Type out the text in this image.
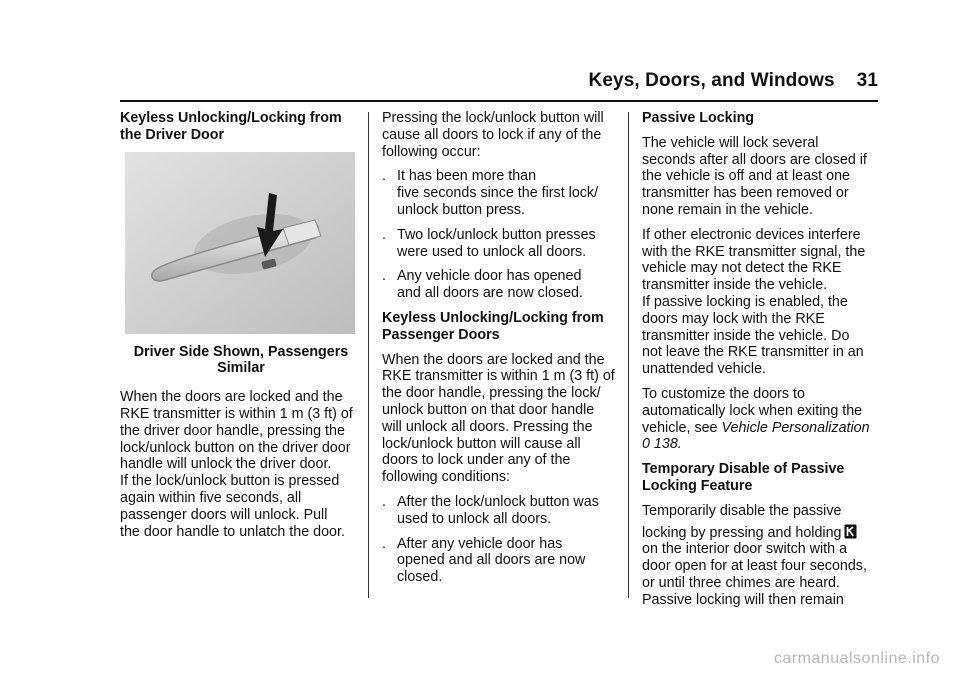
Keys, Doors, and Windows 31
Keyless Unlocking/Locking from
the Driver Door
Driver Side Shown, Passengers
Similar

When the doors are locked and the
RKE transmitter is within 1 m (3 ft) of
the driver door handle, pressing the
lock/unlock button on the driver door
handle will unlock the driver door.
If the lock/unlock button is pressed
again within five seconds, all
passenger doors will unlock. Pull
the door handle to unlatch the door.

Pressing the lock/unlock button will
cause all doors to lock if any of the
following occur:

. It has been more than
five seconds since the first lock/
unlock button press.
. Two lock/unlock button presses
were used to unlock all doors.
. Any vehicle door has opened
and all doors are now closed.
Keyless Unlocking/Locking from
Passenger Doors

When the doors are locked and the
RKE transmitter is within 1 m (3 ft) of
the door handle, pressing the lock/
unlock button on that door handle
will unlock all doors. Pressing the
lock/unlock button will cause all
doors to lock under any of the
following conditions:

. After the lock/unlock button was
used to unlock all doors.
. After any vehicle door has
opened and all doors are now
closed.
Passive Locking

The vehicle will lock several
seconds after all doors are closed if
the vehicle is off and at least one
transmitter has been removed or
none remain in the vehicle.

If other electronic devices interfere
with the RKE transmitter signal, the
vehicle may not detect the RKE
transmitter inside the vehicle.
If passive locking is enabled, the
doors may lock with the RKE
transmitter inside the vehicle. Do
not leave the RKE transmitter in an
unattended vehicle.

To customize the doors to
automatically lock when exiting the
vehicle, see Vehicle Personalization
0 138.

Temporary Disable of Passive
Locking Feature

Temporarily disable the passive
locking by pressing and holding
on the interior door switch with a
door open for at least four seconds,
or until three chimes are heard.
Passive locking will then remain

carmanualsonline.info
